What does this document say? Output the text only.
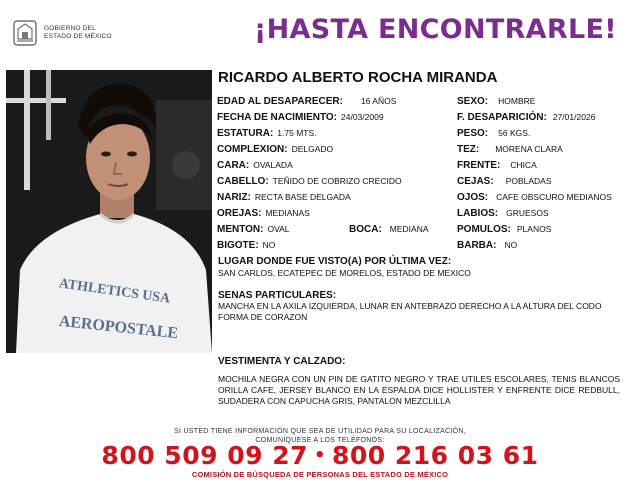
GOBIERNO DEL
ESTADO DE MÉXICO	¡HASTA ENCONTRARLE!
ATHLETICS USA
AEROPOSTALE
RICARDO ALBERTO ROCHA MIRANDA
EDAD AL DESAPARECER: 16 AÑOS	SEXO: HOMBRE
FECHA DE NACIMIENTO: 24/03/2009	F. DESAPARICIÓN: 27/01/2026
ESTATURA: 1.75 MTS.	PESO: 56 KGS.
COMPLEXION: DELGADO	TEZ: MORENA CLARA
CARA: OVALADA	FRENTE: CHICA
CABELLO: TEÑIDO DE COBRIZO CRECIDO	CEJAS: POBLADAS
NARIZ: RECTA BASE DELGADA	OJOS: CAFE OBSCURO MEDIANOS
OREJAS: MEDIANAS	LABIOS: GRUESOS
MENTON: OVAL	BOCA: MEDIANA	POMULOS: PLANOS
BIGOTE: NO	BARBA: NO
LUGAR DONDE FUE VISTO(A) POR ÚLTIMA VEZ:
SAN CARLOS, ECATEPEC DE MORELOS, ESTADO DE MEXICO
SENAS PARTICULARES:
MANCHA EN LA AXILA IZQUIERDA, LUNAR EN ANTEBRAZO DERECHO A LA ALTURA DEL CODO FORMA DE CORAZON
VESTIMENTA Y CALZADO:
MOCHILA NEGRA CON UN PIN DE GATITO NEGRO Y TRAE UTILES ESCOLARES, TENIS BLANCOS ORILLA CAFE, JERSEY BLANCO EN LA ESPALDA DICE HOLLISTER Y ENFRENTE DICE REDBULL, SUDADERA CON CAPUCHA GRIS, PANTALON MEZCLILLA
SI USTED TIENE INFORMACIÓN QUE SEA DE UTILIDAD PARA SU LOCALIZACIÓN,
COMUNÍQUESE A LOS TELÉFONOS:
800 509 09 27 • 800 216 03 61
COMISIÓN DE BÚSQUEDA DE PERSONAS DEL ESTADO DE MÉXICO
